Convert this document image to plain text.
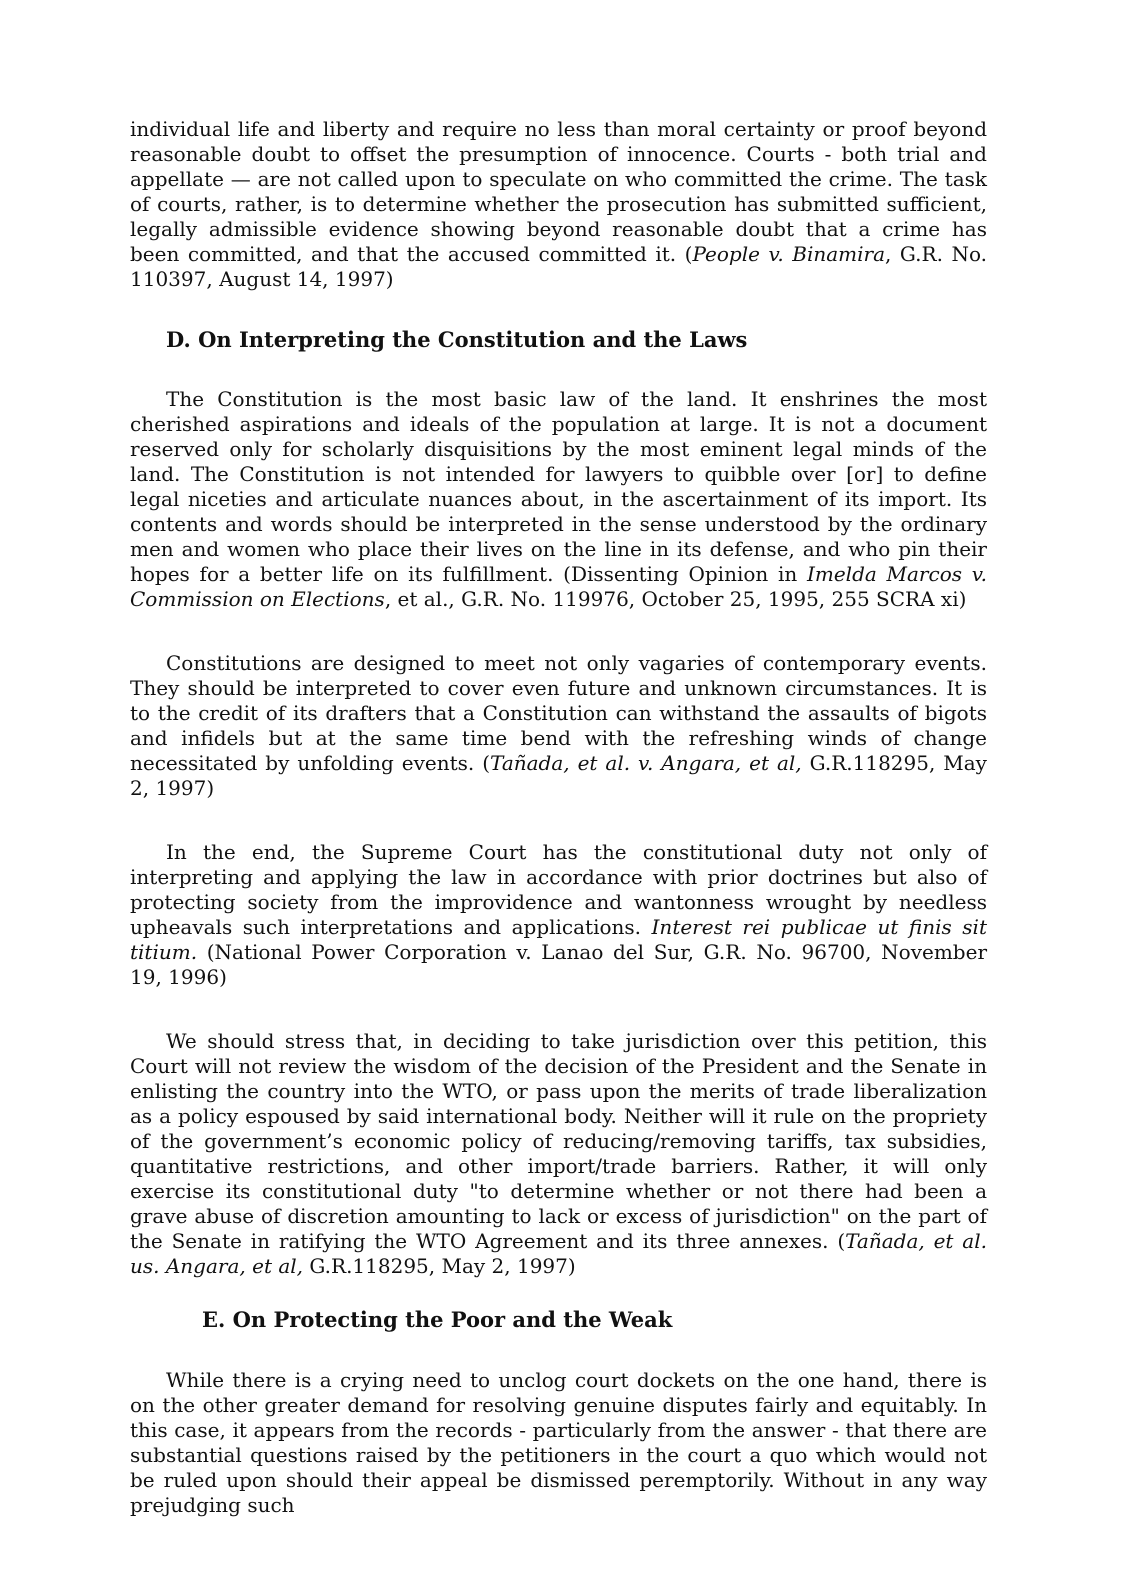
individual life and liberty and require no less than moral certainty or proof beyond reasonable doubt to offset the presumption of innocence. Courts - both trial and appellate — are not called upon to speculate on who committed the crime. The task of courts, rather, is to determine whether the prosecution has submitted sufficient, legally admissible evidence showing beyond reasonable doubt that a crime has been committed, and that the accused committed it. (People v. Binamira, G.R. No. 110397, August 14, 1997)

D. On Interpreting the Constitution and the Laws

The Constitution is the most basic law of the land. It enshrines the most cherished aspirations and ideals of the population at large. It is not a document reserved only for scholarly disquisitions by the most eminent legal minds of the land. The Constitution is not intended for lawyers to quibble over [or] to define legal niceties and articulate nuances about, in the ascertainment of its import. Its contents and words should be interpreted in the sense understood by the ordinary men and women who place their lives on the line in its defense, and who pin their hopes for a better life on its fulfillment. (Dissenting Opinion in Imelda Marcos v. Commission on Elections, et al., G.R. No. 119976, October 25, 1995, 255 SCRA xi)

Constitutions are designed to meet not only vagaries of contemporary events. They should be interpreted to cover even future and unknown circumstances. It is to the credit of its drafters that a Constitution can withstand the assaults of bigots and infidels but at the same time bend with the refreshing winds of change necessitated by unfolding events. (Tañada, et al. v. Angara, et al, G.R.118295, May 2, 1997)

In the end, the Supreme Court has the constitutional duty not only of interpreting and applying the law in accordance with prior doctrines but also of protecting society from the improvidence and wantonness wrought by needless upheavals such interpretations and applications. Interest rei publicae ut finis sit titium. (National Power Corporation v. Lanao del Sur, G.R. No. 96700, November 19, 1996)

We should stress that, in deciding to take jurisdiction over this petition, this Court will not review the wisdom of the decision of the President and the Senate in enlisting the country into the WTO, or pass upon the merits of trade liberalization as a policy espoused by said international body. Neither will it rule on the propriety of the government’s economic policy of reducing/removing tariffs, tax subsidies, quantitative restrictions, and other import/trade barriers. Rather, it will only exercise its constitutional duty "to determine whether or not there had been a grave abuse of discretion amounting to lack or excess of jurisdiction" on the part of the Senate in ratifying the WTO Agreement and its three annexes. (Tañada, et al. us. Angara, et al, G.R.118295, May 2, 1997)

E. On Protecting the Poor and the Weak

While there is a crying need to unclog court dockets on the one hand, there is on the other greater demand for resolving genuine disputes fairly and equitably. In this case, it appears from the records - particularly from the answer - that there are substantial questions raised by the petitioners in the court a quo which would not be ruled upon should their appeal be dismissed peremptorily. Without in any way prejudging such
